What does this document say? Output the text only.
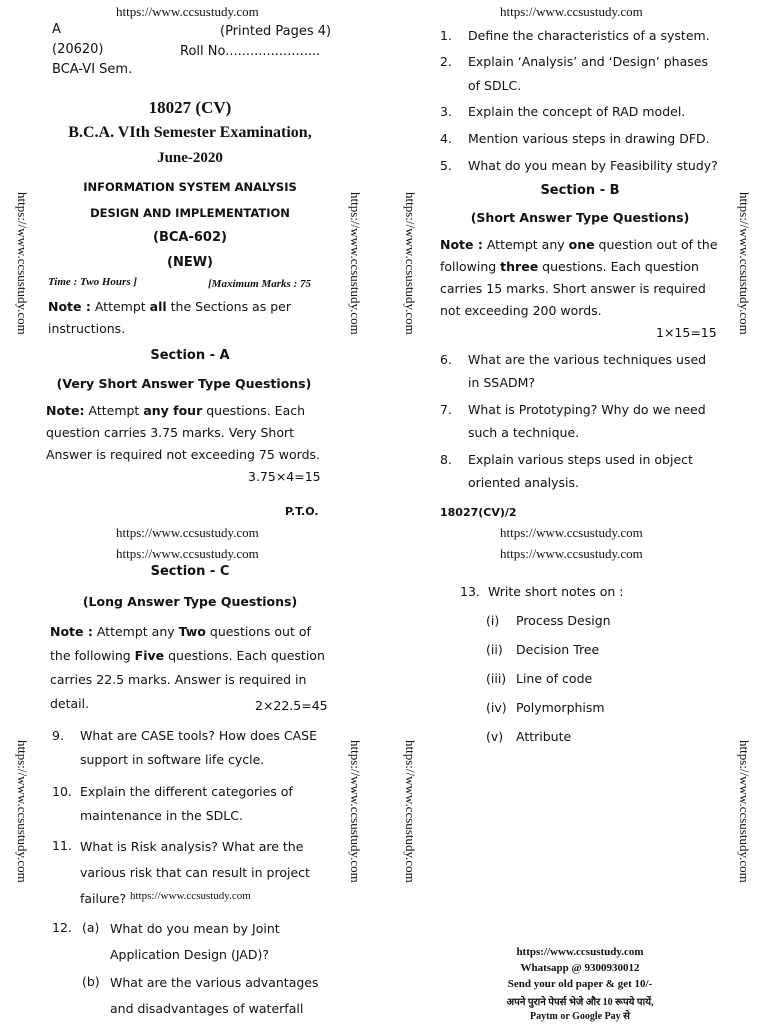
https://www.ccsustudy.com	https://www.ccsustudy.com
https://www.ccsustudy.com	https://www.ccsustudy.com	https://www.ccsustudy.com	https://www.ccsustudy.com
https://www.ccsustudy.com	https://www.ccsustudy.com	https://www.ccsustudy.com	https://www.ccsustudy.com
A	(Printed Pages 4)
(20620)	Roll No.......................
BCA-VI Sem.
18027 (CV)
B.C.A. VIth Semester Examination,
June-2020
INFORMATION SYSTEM ANALYSIS
DESIGN AND IMPLEMENTATION
(BCA-602)
(NEW)
Time : Two Hours ]	[Maximum Marks : 75
Note : Attempt all the Sections as per instructions.
Section - A
(Very Short Answer Type Questions)
Note: Attempt any four questions. Each question carries 3.75 marks. Very Short Answer is required not exceeding 75 words.
3.75×4=15
P.T.O.
1. Define the characteristics of a system.
2. Explain ‘Analysis’ and ‘Design’ phases of SDLC.
3. Explain the concept of RAD model.
4. Mention various steps in drawing DFD.
5. What do you mean by Feasibility study?
Section - B
(Short Answer Type Questions)
Note : Attempt any one question out of the following three questions. Each question carries 15 marks. Short answer is required not exceeding 200 words.
1×15=15
6. What are the various techniques used in SSADM?
7. What is Prototyping? Why do we need such a technique.
8. Explain various steps used in object oriented analysis.
18027(CV)/2
https://www.ccsustudy.com
https://www.ccsustudy.com
https://www.ccsustudy.com
https://www.ccsustudy.com
Section - C
(Long Answer Type Questions)
Note : Attempt any Two questions out of the following Five questions. Each question carries 22.5 marks. Answer is required in detail.	2×22.5=45
9. What are CASE tools? How does CASE support in software life cycle.
10. Explain the different categories of maintenance in the SDLC.
11. What is Risk analysis? What are the various risk that can result in project failure? https://www.ccsustudy.com
12. (a) What do you mean by Joint Application Design (JAD)?
(b) What are the various advantages and disadvantages of waterfall
13. Write short notes on :
(i) Process Design
(ii) Decision Tree
(iii) Line of code
(iv) Polymorphism
(v) Attribute
https://www.ccsustudy.com
Whatsapp @ 9300930012
Send your old paper & get 10/-
अपने पुराने पेपर्स भेजे और 10 रूपये पायें,
Paytm or Google Pay से
